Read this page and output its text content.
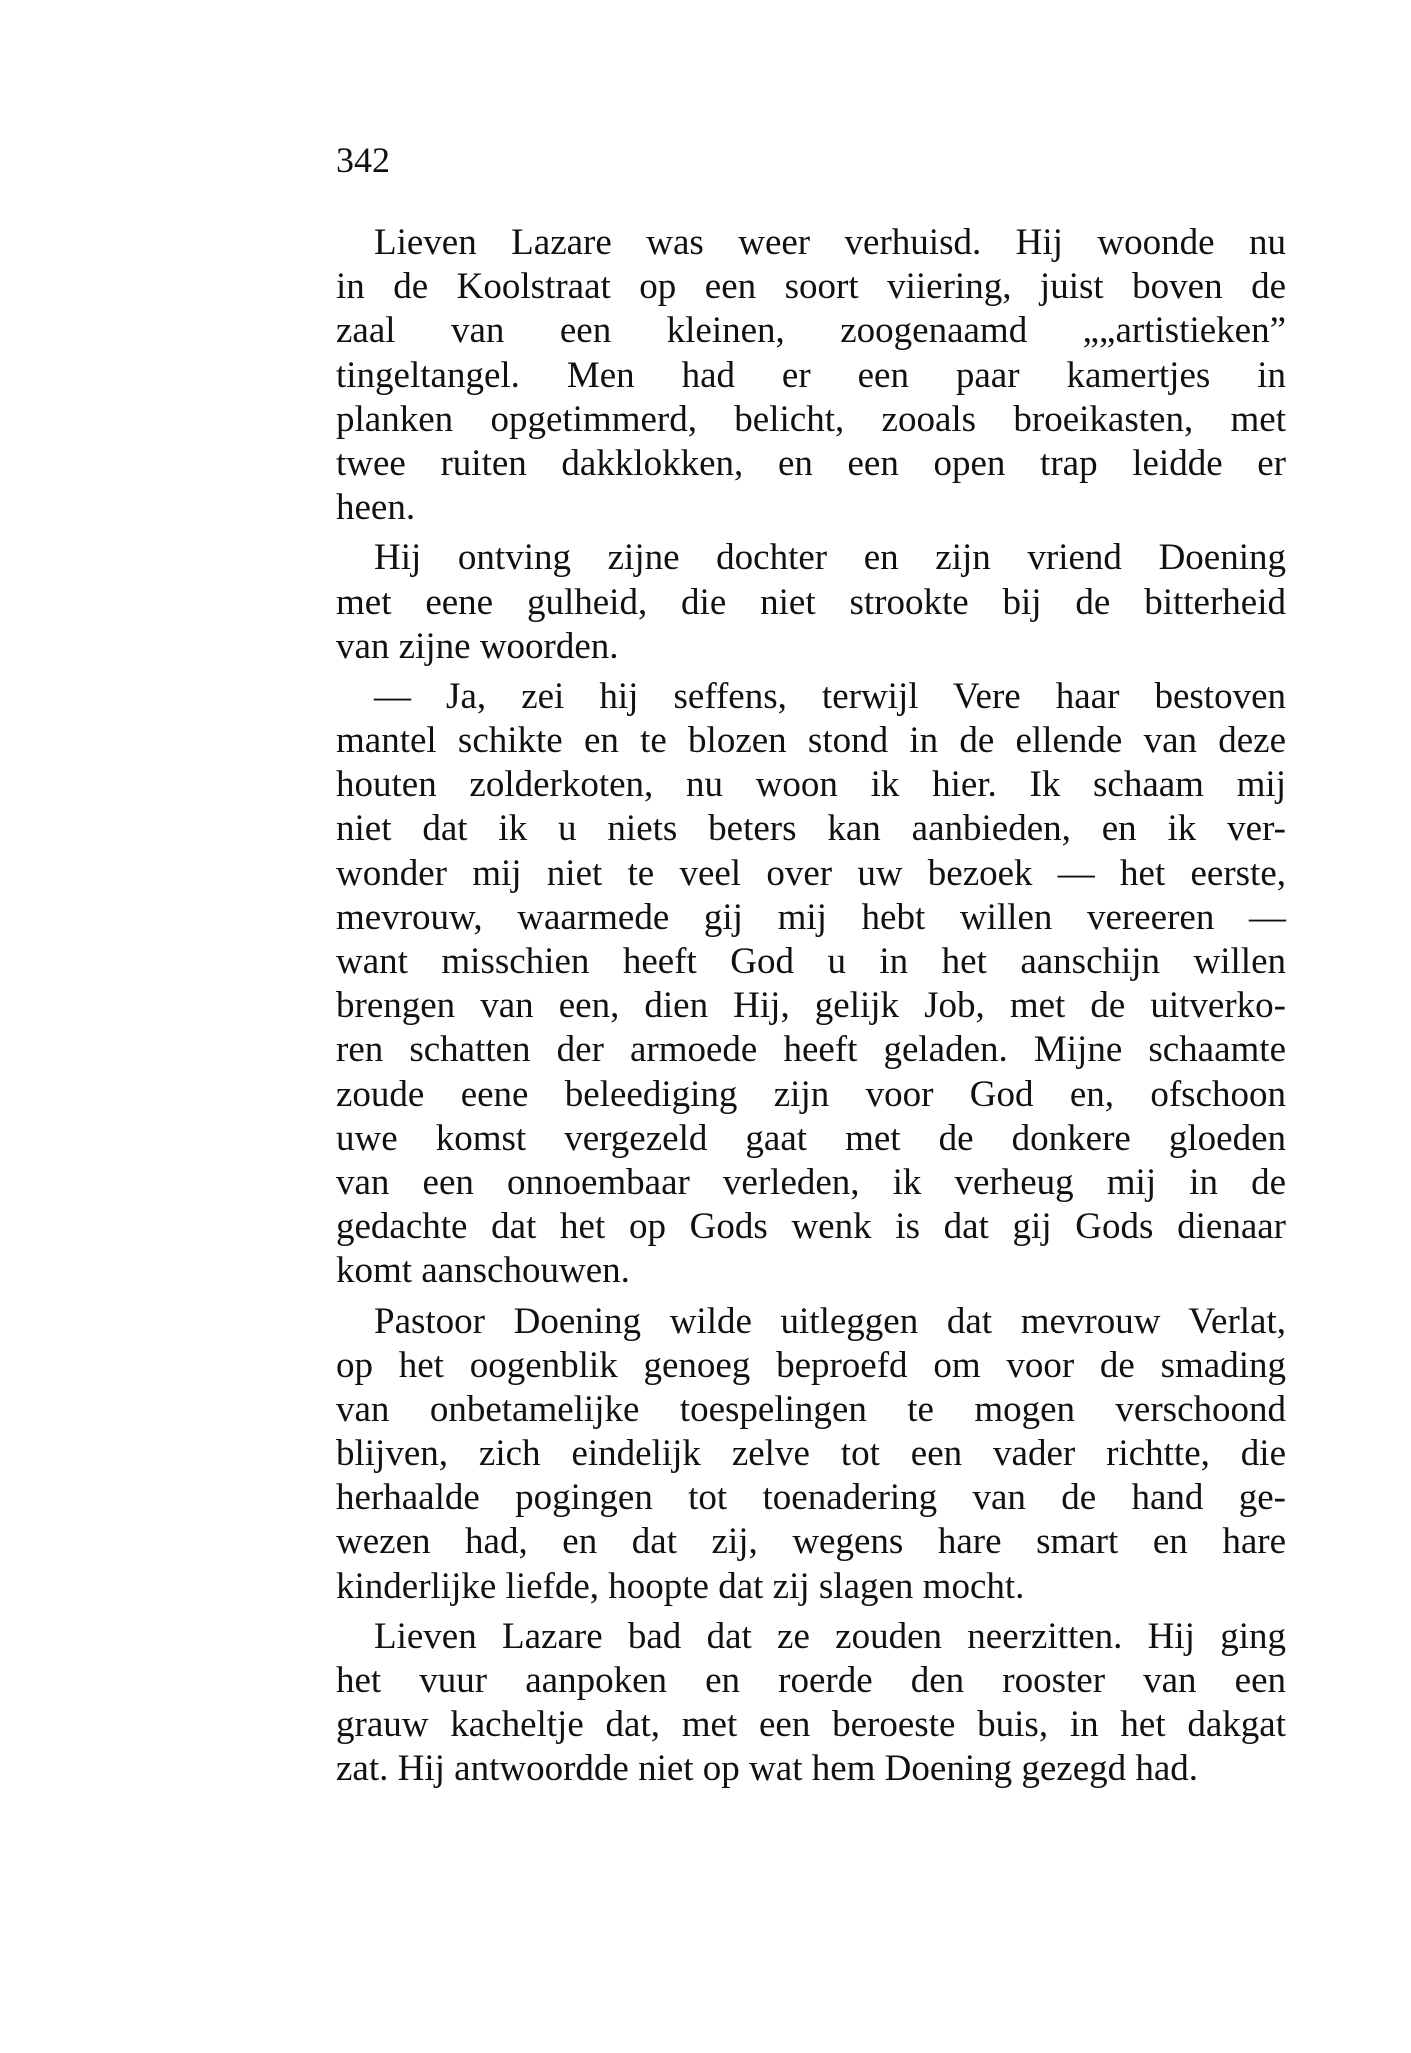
342
Lieven Lazare was weer verhuisd. Hij woonde nu
in de Koolstraat op een soort viiering, juist boven de
zaal van een kleinen, zoogenaamd „„artistieken”
tingeltangel. Men had er een paar kamertjes in
planken opgetimmerd, belicht, zooals broeikasten, met
twee ruiten dakklokken, en een open trap leidde er
heen.
Hij ontving zijne dochter en zijn vriend Doening
met eene gulheid, die niet strookte bij de bitterheid
van zijne woorden.
— Ja, zei hij seffens, terwijl Vere haar bestoven
mantel schikte en te blozen stond in de ellende van deze
houten zolderkoten, nu woon ik hier. Ik schaam mij
niet dat ik u niets beters kan aanbieden, en ik ver-
wonder mij niet te veel over uw bezoek — het eerste,
mevrouw, waarmede gij mij hebt willen vereeren —
want misschien heeft God u in het aanschijn willen
brengen van een, dien Hij, gelijk Job, met de uitverko-
ren schatten der armoede heeft geladen. Mijne schaamte
zoude eene beleediging zijn voor God en, ofschoon
uwe komst vergezeld gaat met de donkere gloeden
van een onnoembaar verleden, ik verheug mij in de
gedachte dat het op Gods wenk is dat gij Gods dienaar
komt aanschouwen.
Pastoor Doening wilde uitleggen dat mevrouw Verlat,
op het oogenblik genoeg beproefd om voor de smading
van onbetamelijke toespelingen te mogen verschoond
blijven, zich eindelijk zelve tot een vader richtte, die
herhaalde pogingen tot toenadering van de hand ge-
wezen had, en dat zij, wegens hare smart en hare
kinderlijke liefde, hoopte dat zij slagen mocht.
Lieven Lazare bad dat ze zouden neerzitten. Hij ging
het vuur aanpoken en roerde den rooster van een
grauw kacheltje dat, met een beroeste buis, in het dakgat
zat. Hij antwoordde niet op wat hem Doening gezegd had.
